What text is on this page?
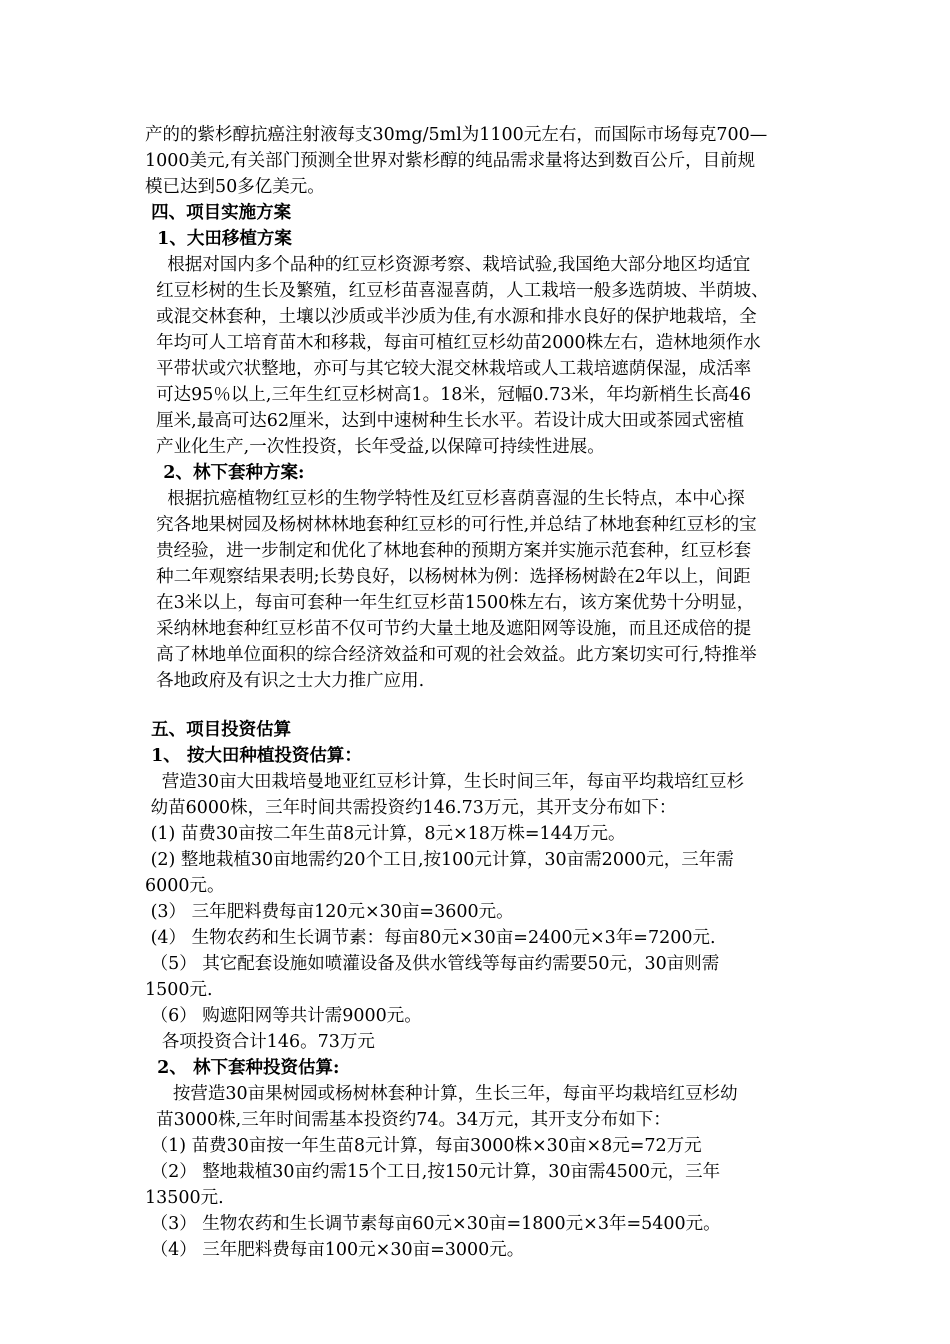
产的的紫杉醇抗癌注射液每支30mg/5ml为1100元左右，而国际市场每克700—
1000美元,有关部门预测全世界对紫杉醇的纯品需求量将达到数百公斤，目前规
模已达到50多亿美元。
四、项目实施方案
1、大田移植方案
根据对国内多个品种的红豆杉资源考察、栽培试验,我国绝大部分地区均适宜
红豆杉树的生长及繁殖，红豆杉苗喜湿喜荫，人工栽培一般多选荫坡、半荫坡、
或混交林套种，土壤以沙质或半沙质为佳,有水源和排水良好的保护地栽培，全
年均可人工培育苗木和移栽，每亩可植红豆杉幼苗2000株左右，造林地须作水
平带状或穴状整地，亦可与其它较大混交林栽培或人工栽培遮荫保湿，成活率
可达95％以上,三年生红豆杉树高1。18米，冠幅0.73米，年均新梢生长高46
厘米,最高可达62厘米，达到中速树种生长水平。若设计成大田或茶园式密植
产业化生产,一次性投资，长年受益,以保障可持续性进展。
2、林下套种方案:
根据抗癌植物红豆杉的生物学特性及红豆杉喜荫喜湿的生长特点，本中心探
究各地果树园及杨树林林地套种红豆杉的可行性,并总结了林地套种红豆杉的宝
贵经验，进一步制定和优化了林地套种的预期方案并实施示范套种，红豆杉套
种二年观察结果表明;长势良好，以杨树林为例：选择杨树龄在2年以上，间距
在3米以上，每亩可套种一年生红豆杉苗1500株左右，该方案优势十分明显，
采纳林地套种红豆杉苗不仅可节约大量土地及遮阳网等设施，而且还成倍的提
高了林地单位面积的综合经济效益和可观的社会效益。此方案切实可行,特推举
各地政府及有识之士大力推广应用.
五、项目投资估算
1、 按大田种植投资估算：
营造30亩大田栽培曼地亚红豆杉计算，生长时间三年，每亩平均栽培红豆杉
幼苗6000株，三年时间共需投资约146.73万元，其开支分布如下：
(1) 苗费30亩按二年生苗8元计算，8元×18万株=144万元。
(2) 整地栽植30亩地需约20个工日,按100元计算，30亩需2000元，三年需
6000元。
(3） 三年肥料费每亩120元×30亩=3600元。
(4） 生物农药和生长调节素：每亩80元×30亩=2400元×3年=7200元.
（5） 其它配套设施如喷灌设备及供水管线等每亩约需要50元，30亩则需
1500元.
（6） 购遮阳网等共计需9000元。
各项投资合计146。73万元
2、 林下套种投资估算:
按营造30亩果树园或杨树林套种计算，生长三年，每亩平均栽培红豆杉幼
苗3000株,三年时间需基本投资约74。34万元，其开支分布如下：
（1) 苗费30亩按一年生苗8元计算，每亩3000株×30亩×8元=72万元
（2） 整地栽植30亩约需15个工日,按150元计算，30亩需4500元，三年
13500元.
（3） 生物农药和生长调节素每亩60元×30亩=1800元×3年=5400元。
（4） 三年肥料费每亩100元×30亩=3000元。
